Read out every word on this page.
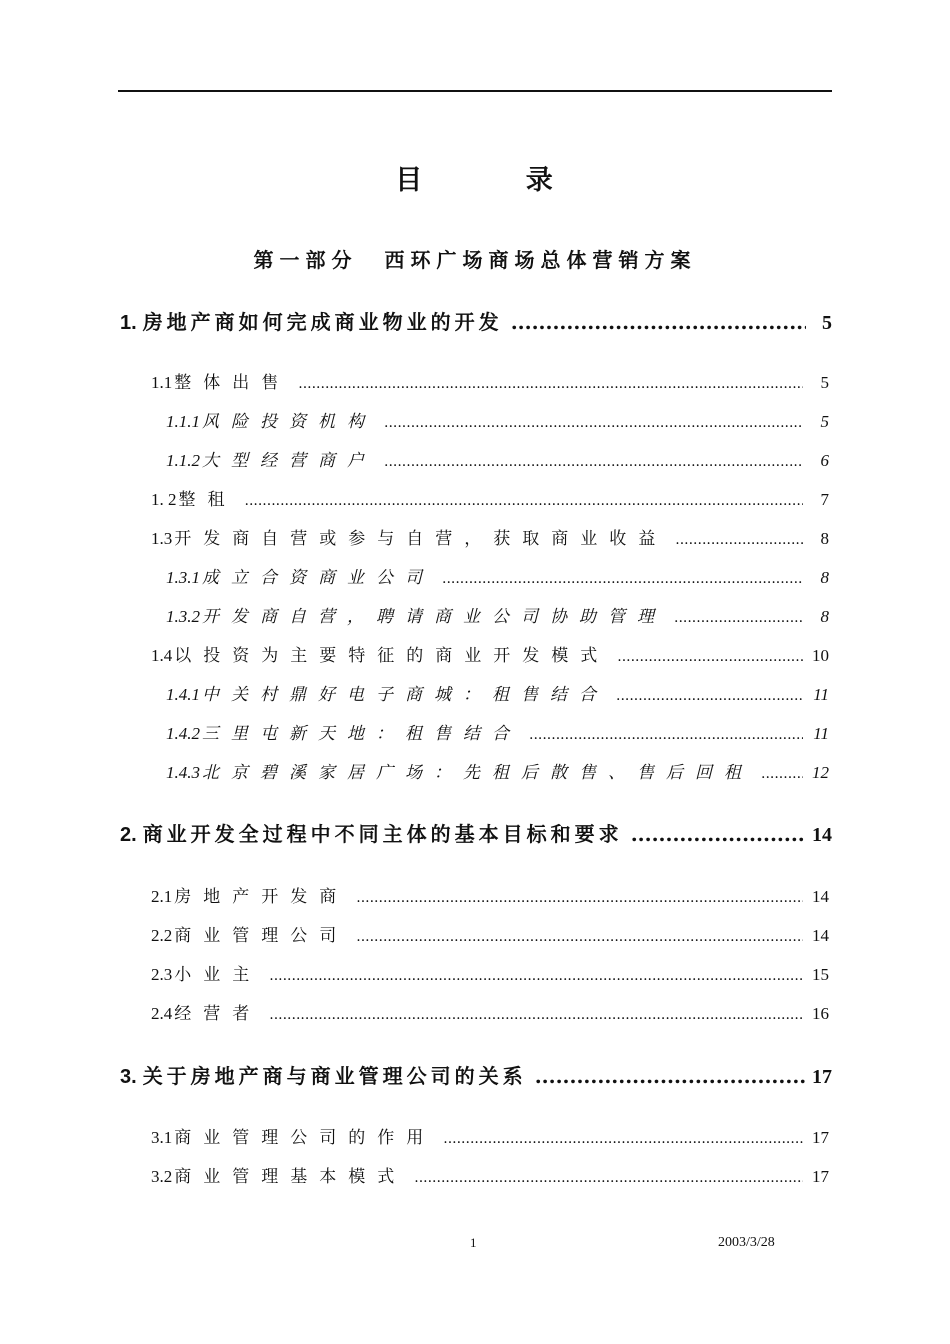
目 录
第一部分 西环广场商场总体营销方案
1. 房地产商如何完成商业物业的开发 .....	5
1.1 整体出售 .....	5
1.1.1 风险投资机构 .....	5
1.1.2 大型经营商户 .....	6
1. 2 整租 .....	7
1.3 开发商自营或参与自营，获取商业收益 .....	8
1.3.1 成立合资商业公司 .....	8
1.3.2 开发商自营，聘请商业公司协助管理 .....	8
1.4 以投资为主要特征的商业开发模式 .....	10
1.4.1 中关村鼎好电子商城：租售结合 .....	11
1.4.2 三里屯新天地：租售结合 .....	11
1.4.3 北京碧溪家居广场：先租后散售、售后回租 .....	12
2. 商业开发全过程中不同主体的基本目标和要求 .....	14
2.1 房地产开发商 .....	14
2.2 商业管理公司 .....	14
2.3 小业主 .....	15
2.4 经营者 .....	16
3. 关于房地产商与商业管理公司的关系 .....	17
3.1 商业管理公司的作用 .....	17
3.2 商业管理基本模式 .....	17
1	2003/3/28
